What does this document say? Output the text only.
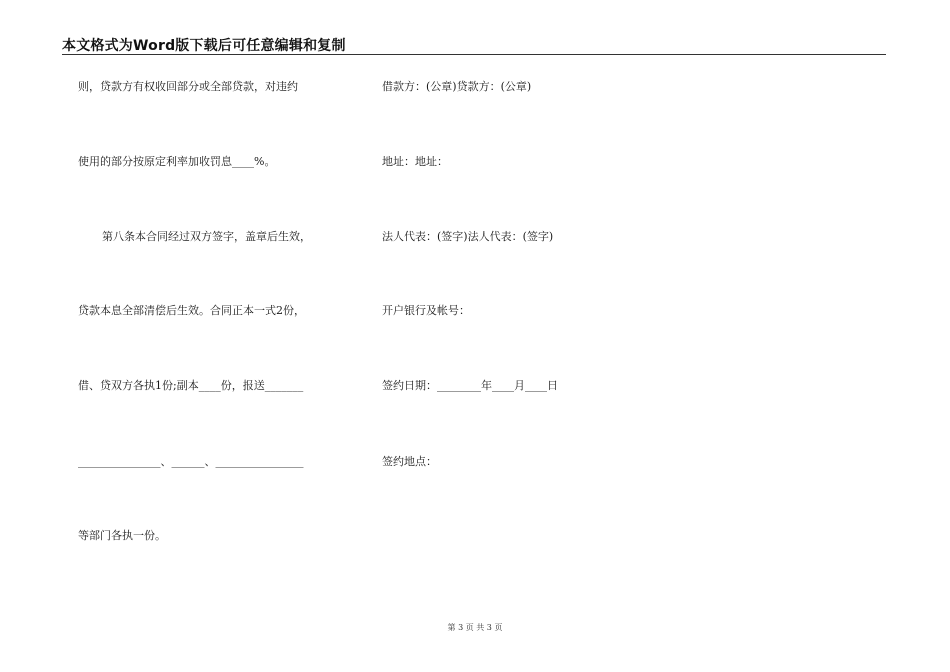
本文格式为Word版下载后可任意编辑和复制
则，贷款方有权收回部分或全部贷款，对违约
使用的部分按原定利率加收罚息____%。
第八条本合同经过双方签字，盖章后生效，
贷款本息全部清偿后生效。合同正本一式2份，
借、贷双方各执1份;副本____份，报送_______
_______________、______、________________
等部门各执一份。
借款方：(公章)贷款方：(公章)
地址：地址：
法人代表：(签字)法人代表：(签字)
开户银行及帐号：
签约日期：________年____月____日
签约地点：
第 3 页 共 3 页
